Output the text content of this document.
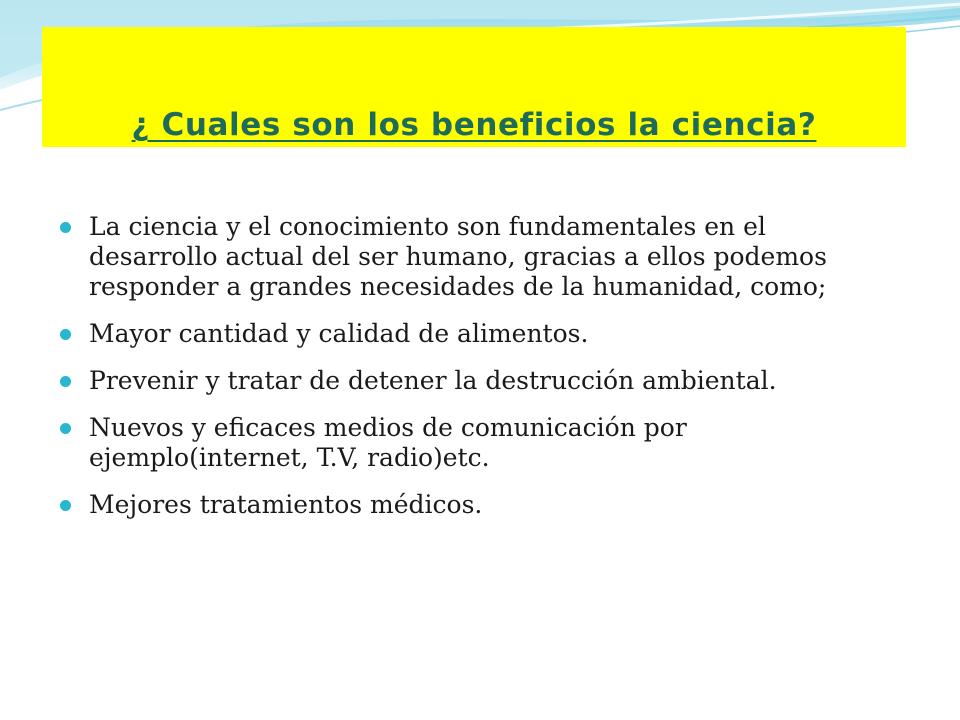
¿ Cuales son los beneficios la ciencia?
La ciencia y el conocimiento son fundamentales en el desarrollo actual del ser humano, gracias a ellos podemos responder a grandes necesidades de la humanidad, como;
Mayor cantidad y calidad de alimentos.
Prevenir y tratar de detener la destrucción ambiental.
Nuevos y eficaces medios de comunicación por ejemplo(internet, T.V, radio)etc.
Mejores tratamientos médicos.
